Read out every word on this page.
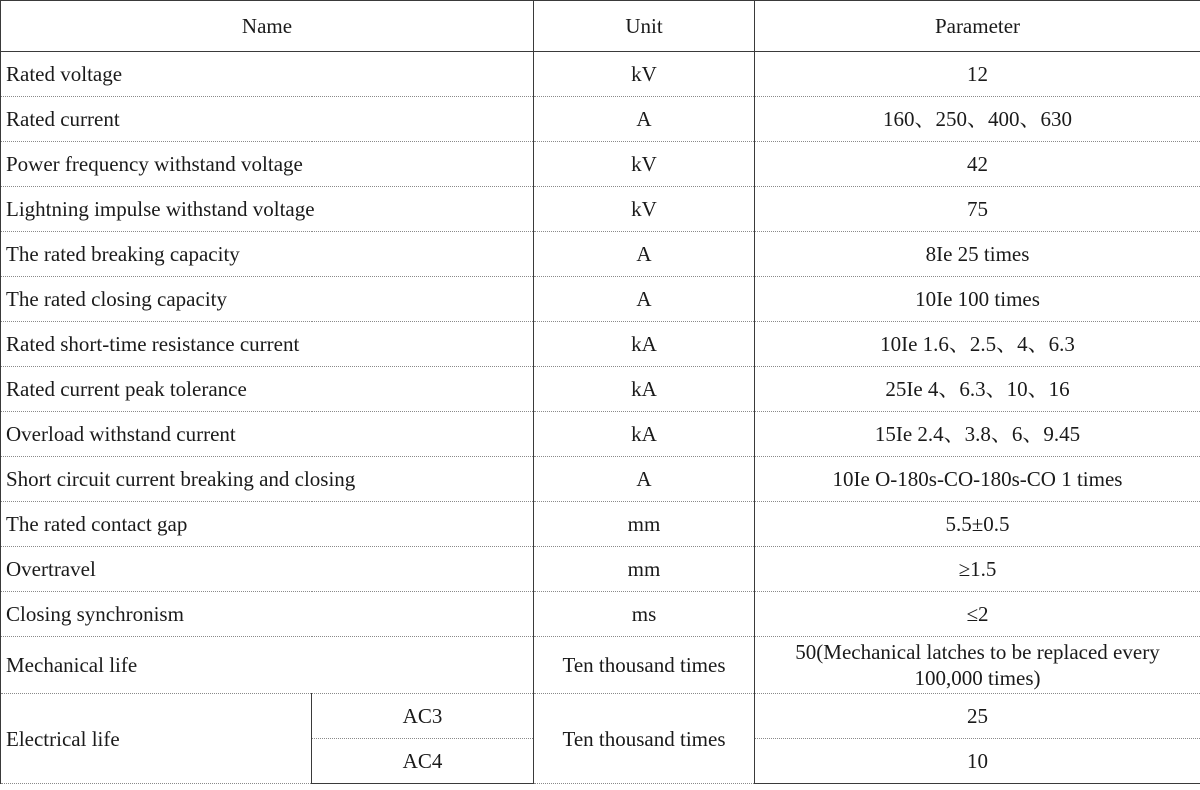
Name		Unit	Parameter
Rated voltage		kV	12
Rated current		A	160、250、400、630
Power frequency withstand voltage		kV	42
Lightning impulse withstand voltage		kV	75
The rated breaking capacity		A	8Ie 25 times
The rated closing capacity		A	10Ie 100 times
Rated short-time resistance current		kA	10Ie 1.6、2.5、4、6.3
Rated current peak tolerance		kA	25Ie 4、6.3、10、16
Overload withstand current		kA	15Ie 2.4、3.8、6、9.45
Short circuit current breaking and closing		A	10Ie O-180s-CO-180s-CO 1 times
The rated contact gap		mm	5.5±0.5
Overtravel		mm	≥1.5
Closing synchronism		ms	≤2
Mechanical life		Ten thousand times	50(Mechanical latches to be replaced every 100,000 times)
Electrical life	AC3	Ten thousand times	25
	AC4		10
